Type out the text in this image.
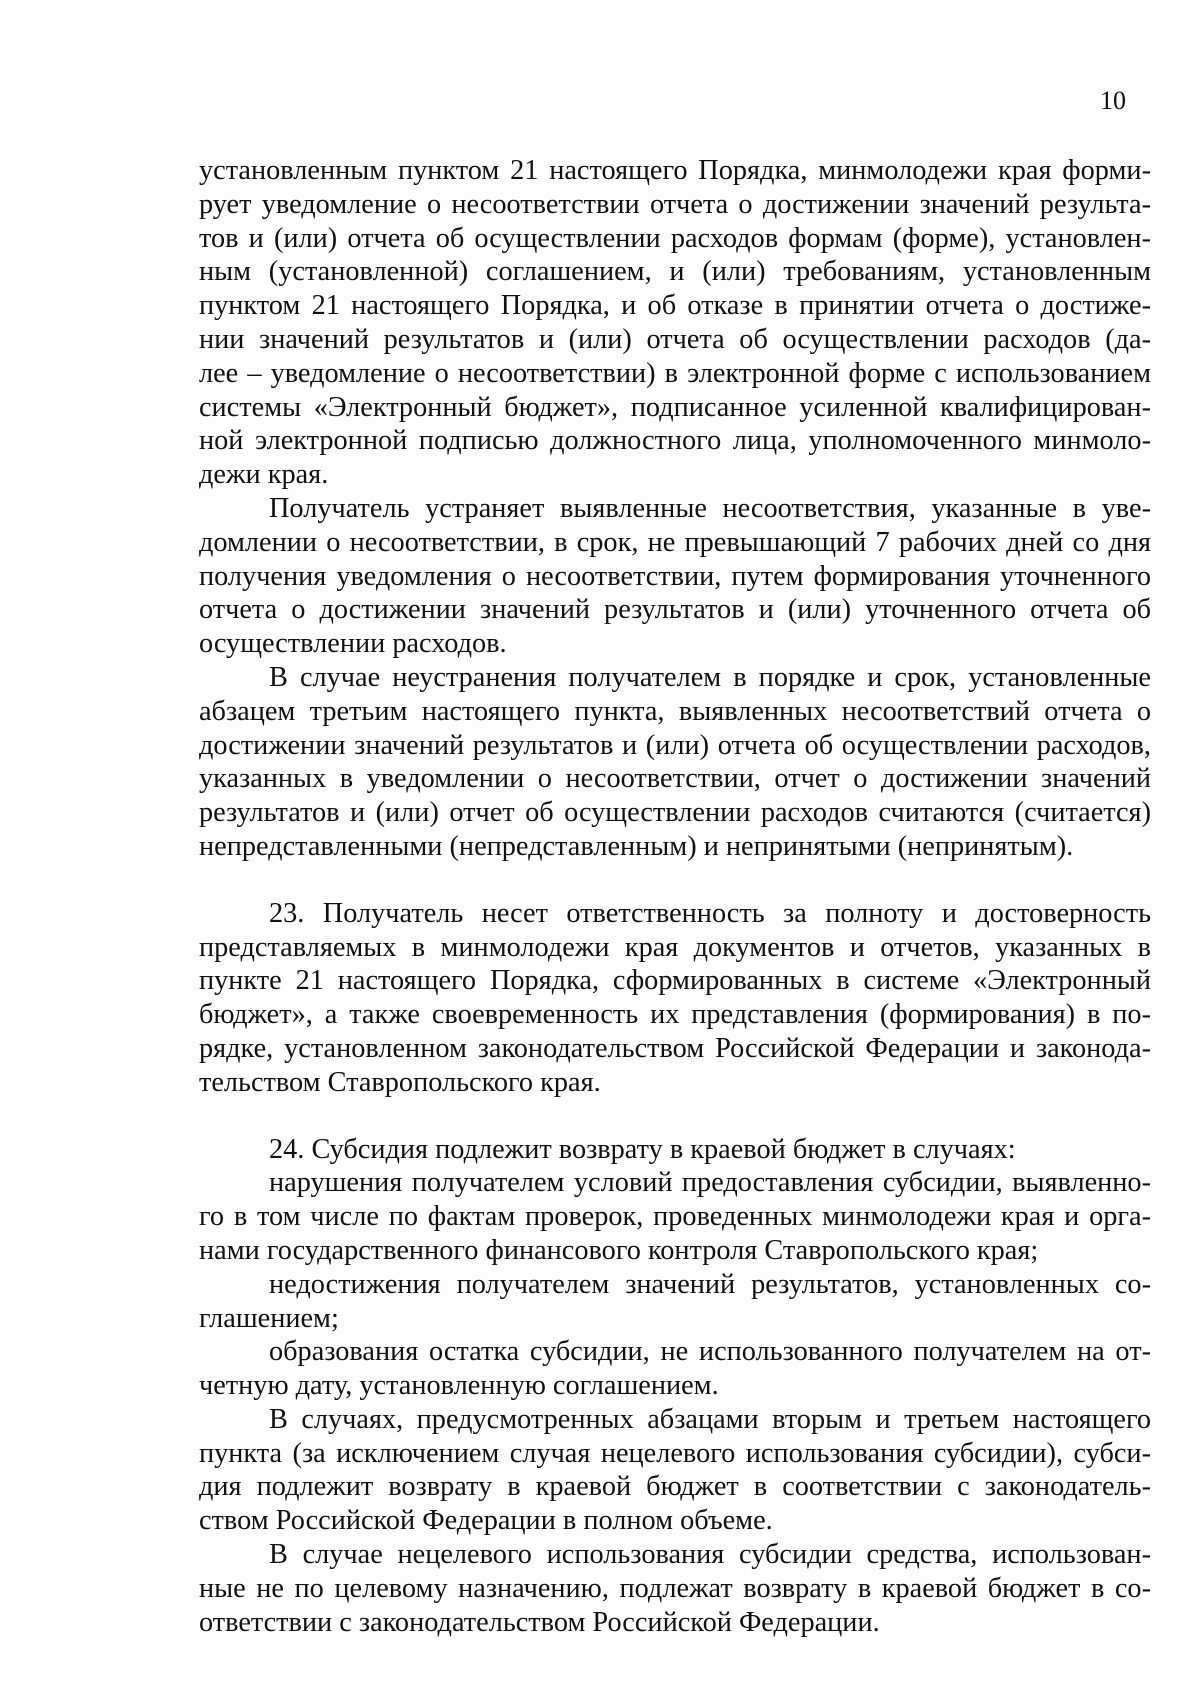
10
установленным пунктом 21 настоящего Порядка, минмолодежи края форми-
рует уведомление о несоответствии отчета о достижении значений результа-
тов и (или) отчета об осуществлении расходов формам (форме), установлен-
ным (установленной) соглашением, и (или) требованиям, установленным
пунктом 21 настоящего Порядка, и об отказе в принятии отчета о достиже-
нии значений результатов и (или) отчета об осуществлении расходов (да-
лее – уведомление о несоответствии) в электронной форме с использованием
системы «Электронный бюджет», подписанное усиленной квалифицирован-
ной электронной подписью должностного лица, уполномоченного минмоло-
дежи края.
Получатель устраняет выявленные несоответствия, указанные в уве-
домлении о несоответствии, в срок, не превышающий 7 рабочих дней со дня
получения уведомления о несоответствии, путем формирования уточненного
отчета о достижении значений результатов и (или) уточненного отчета об
осуществлении расходов.
В случае неустранения получателем в порядке и срок, установленные
абзацем третьим настоящего пункта, выявленных несоответствий отчета о
достижении значений результатов и (или) отчета об осуществлении расходов,
указанных в уведомлении о несоответствии, отчет о достижении значений
результатов и (или) отчет об осуществлении расходов считаются (считается)
непредставленными (непредставленным) и непринятыми (непринятым).
23. Получатель несет ответственность за полноту и достоверность
представляемых в минмолодежи края документов и отчетов, указанных в
пункте 21 настоящего Порядка, сформированных в системе «Электронный
бюджет», а также своевременность их представления (формирования) в по-
рядке, установленном законодательством Российской Федерации и законода-
тельством Ставропольского края.
24. Субсидия подлежит возврату в краевой бюджет в случаях:
нарушения получателем условий предоставления субсидии, выявленно-
го в том числе по фактам проверок, проведенных минмолодежи края и орга-
нами государственного финансового контроля Ставропольского края;
недостижения получателем значений результатов, установленных со-
глашением;
образования остатка субсидии, не использованного получателем на от-
четную дату, установленную соглашением.
В случаях, предусмотренных абзацами вторым и третьем настоящего
пункта (за исключением случая нецелевого использования субсидии), субси-
дия подлежит возврату в краевой бюджет в соответствии с законодатель-
ством Российской Федерации в полном объеме.
В случае нецелевого использования субсидии средства, использован-
ные не по целевому назначению, подлежат возврату в краевой бюджет в со-
ответствии с законодательством Российской Федерации.
